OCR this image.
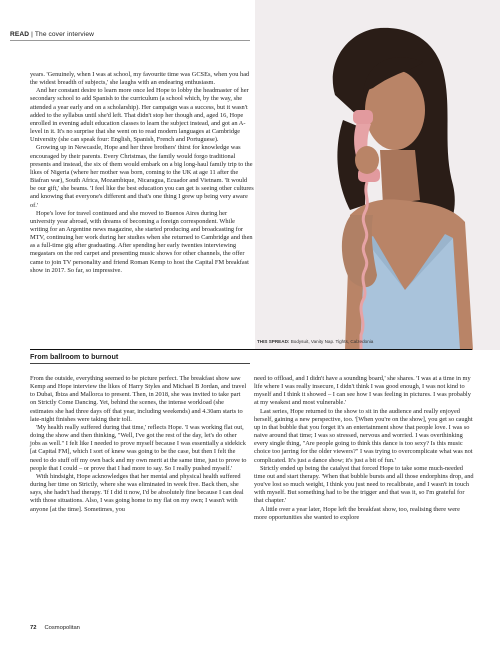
READ | The cover interview

years. 'Genuinely, when I was at school, my favourite time was GCSEs, when you had the widest breadth of subjects,' she laughs with an endearing enthusiasm.

And her constant desire to learn more once led Hope to lobby the headmaster of her secondary school to add Spanish to the curriculum (a school which, by the way, she attended a year early and on a scholarship). Her campaign was a success, but it wasn't added to the syllabus until she'd left. That didn't stop her though and, aged 16, Hope enrolled in evening adult education classes to learn the subject instead, and got an A-level in it. It's no surprise that she went on to read modern languages at Cambridge University (she can speak four: English, Spanish, French and Portuguese).

Growing up in Newcastle, Hope and her three brothers' thirst for knowledge was encouraged by their parents. Every Christmas, the family would forgo traditional presents and instead, the six of them would embark on a big long-haul family trip to the likes of Nigeria (where her mother was born, coming to the UK at age 11 after the Biafran war), South Africa, Mozambique, Nicaragua, Ecuador and Vietnam. 'It would be our gift,' she beams. 'I feel like the best education you can get is seeing other cultures and knowing that everyone's different and that's one thing I grew up being very aware of.'

Hope's love for travel continued and she moved to Buenos Aires during her university year abroad, with dreams of becoming a foreign correspondent. While writing for an Argentine news magazine, she started producing and broadcasting for MTV, continuing her work during her studies when she returned to Cambridge and then as a full-time gig after graduating. After spending her early twenties interviewing megastars on the red carpet and presenting music shows for other channels, the offer came to join TV personality and friend Roman Kemp to host the Capital FM breakfast show in 2017. So far, so impressive.

THIS SPREAD: Bodysuit, Vanity Nap. Tights, Calzedonia
From ballroom to burnout

From the outside, everything seemed to be picture perfect. The breakfast show saw Kemp and Hope interview the likes of Harry Styles and Michael B Jordan, and travel to Dubai, Ibiza and Mallorca to present. Then, in 2018, she was invited to take part on Strictly Come Dancing. Yet, behind the scenes, the intense workload (she estimates she had three days off that year, including weekends) and 4.30am starts to late-night finishes were taking their toll.

'My health really suffered during that time,' reflects Hope. 'I was working flat out, doing the show and then thinking, "Well, I've got the rest of the day, let's do other jobs as well." I felt like I needed to prove myself because I was essentially a sidekick [at Capital FM], which I sort of knew was going to be the case, but then I felt the need to do stuff off my own back and my own merit at the same time, just to prove to people that I could – or prove that I had more to say. So I really pushed myself.'

With hindsight, Hope acknowledges that her mental and physical health suffered during her time on Strictly, where she was eliminated in week five. Back then, she says, she hadn't had therapy. 'If I did it now, I'd be absolutely fine because I can deal with those situations. Also, I was going home to my flat on my own; I wasn't with anyone [at the time]. Sometimes, you

need to offload, and I didn't have a sounding board,' she shares. 'I was at a time in my life where I was really insecure, I didn't think I was good enough, I was not kind to myself and I think it showed – I can see how I was feeling in pictures. I was probably at my weakest and most vulnerable.'

Last series, Hope returned to the show to sit in the audience and really enjoyed herself, gaining a new perspective, too. '[When you're on the show], you get so caught up in that bubble that you forget it's an entertainment show that people love. I was so naive around that time; I was so stressed, nervous and worried. I was overthinking every single thing, "Are people going to think this dance is too sexy? Is this music choice too jarring for the older viewers?" I was trying to overcomplicate what was not complicated. It's just a dance show; it's just a bit of fun.'

Strictly ended up being the catalyst that forced Hope to take some much-needed time out and start therapy. 'When that bubble bursts and all those endorphins drop, and you've lost so much weight, I think you just need to recalibrate, and I wasn't in touch with myself. But something had to be the trigger and that was it, so I'm grateful for that chapter.'

A little over a year later, Hope left the breakfast show, too, realising there were more opportunities she wanted to explore

72 Cosmopolitan
